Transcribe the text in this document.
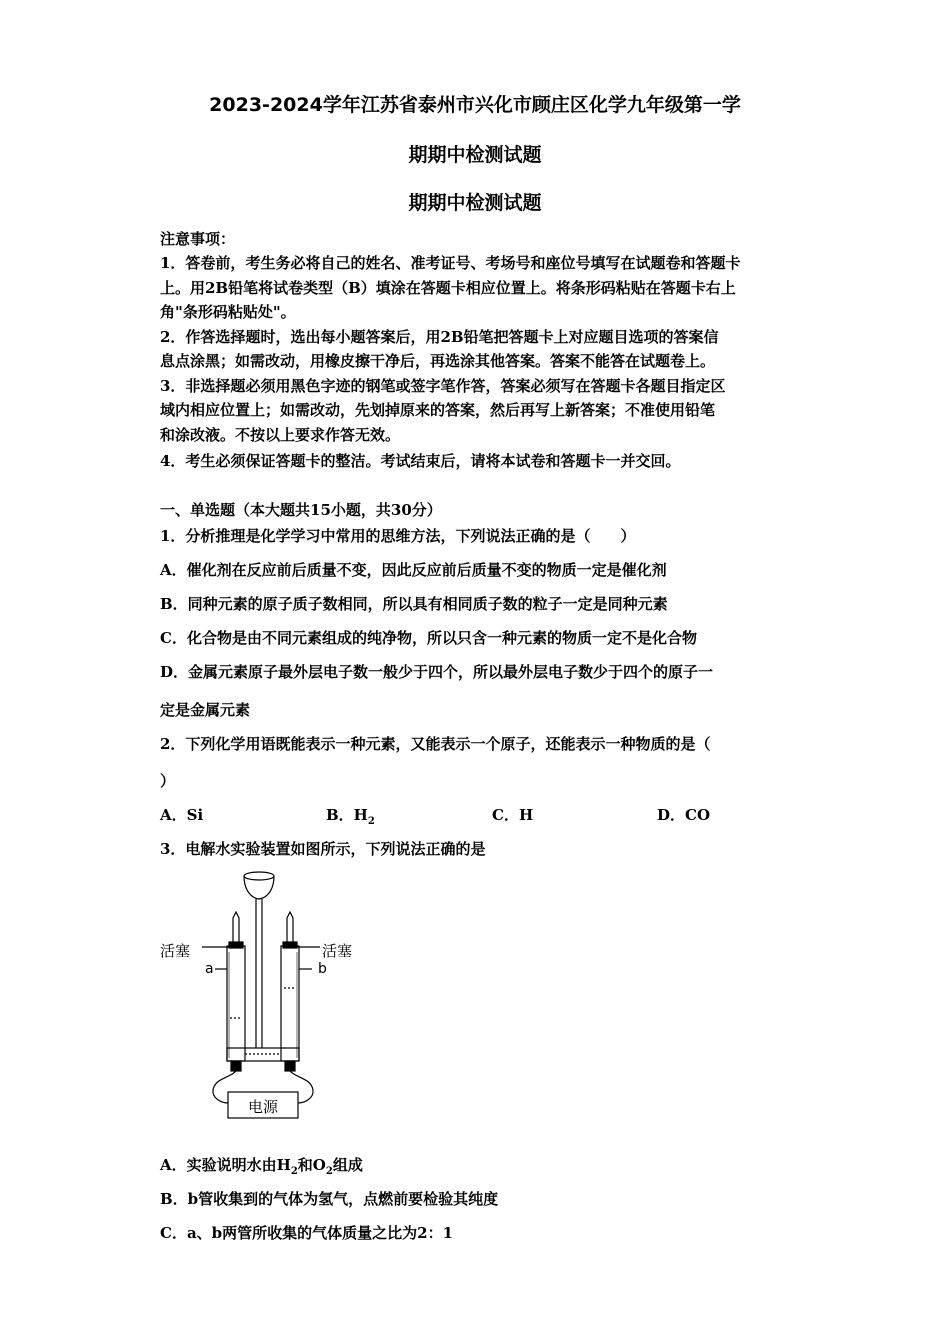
2023-2024学年江苏省泰州市兴化市顾庄区化学九年级第一学
期期中检测试题
期期中检测试题
注意事项：
1．答卷前，考生务必将自己的姓名、准考证号、考场号和座位号填写在试题卷和答题卡
上。用2B铅笔将试卷类型（B）填涂在答题卡相应位置上。将条形码粘贴在答题卡右上
角"条形码粘贴处"。
2．作答选择题时，选出每小题答案后，用2B铅笔把答题卡上对应题目选项的答案信
息点涂黑；如需改动，用橡皮擦干净后，再选涂其他答案。答案不能答在试题卷上。
3．非选择题必须用黑色字迹的钢笔或签字笔作答，答案必须写在答题卡各题目指定区
域内相应位置上；如需改动，先划掉原来的答案，然后再写上新答案；不准使用铅笔
和涂改液。不按以上要求作答无效。
4．考生必须保证答题卡的整洁。考试结束后，请将本试卷和答题卡一并交回。
一、单选题（本大题共15小题，共30分）
1．分析推理是化学学习中常用的思维方法，下列说法正确的是（　　）
A．催化剂在反应前后质量不变，因此反应前后质量不变的物质一定是催化剂
B．同种元素的原子质子数相同，所以具有相同质子数的粒子一定是同种元素
C．化合物是由不同元素组成的纯净物，所以只含一种元素的物质一定不是化合物
D．金属元素原子最外层电子数一般少于四个，所以最外层电子数少于四个的原子一
定是金属元素
2．下列化学用语既能表示一种元素，又能表示一个原子，还能表示一种物质的是（
）
A．Si	B．$H_2$	C．H	D．CO
3．电解水实验装置如图所示，下列说法正确的是
活塞	活塞
a	b
电源
A．实验说明水由$H_2$和$O_2$组成
B．b管收集到的气体为氢气，点燃前要检验其纯度
C．a、b两管所收集的气体质量之比为2：1
